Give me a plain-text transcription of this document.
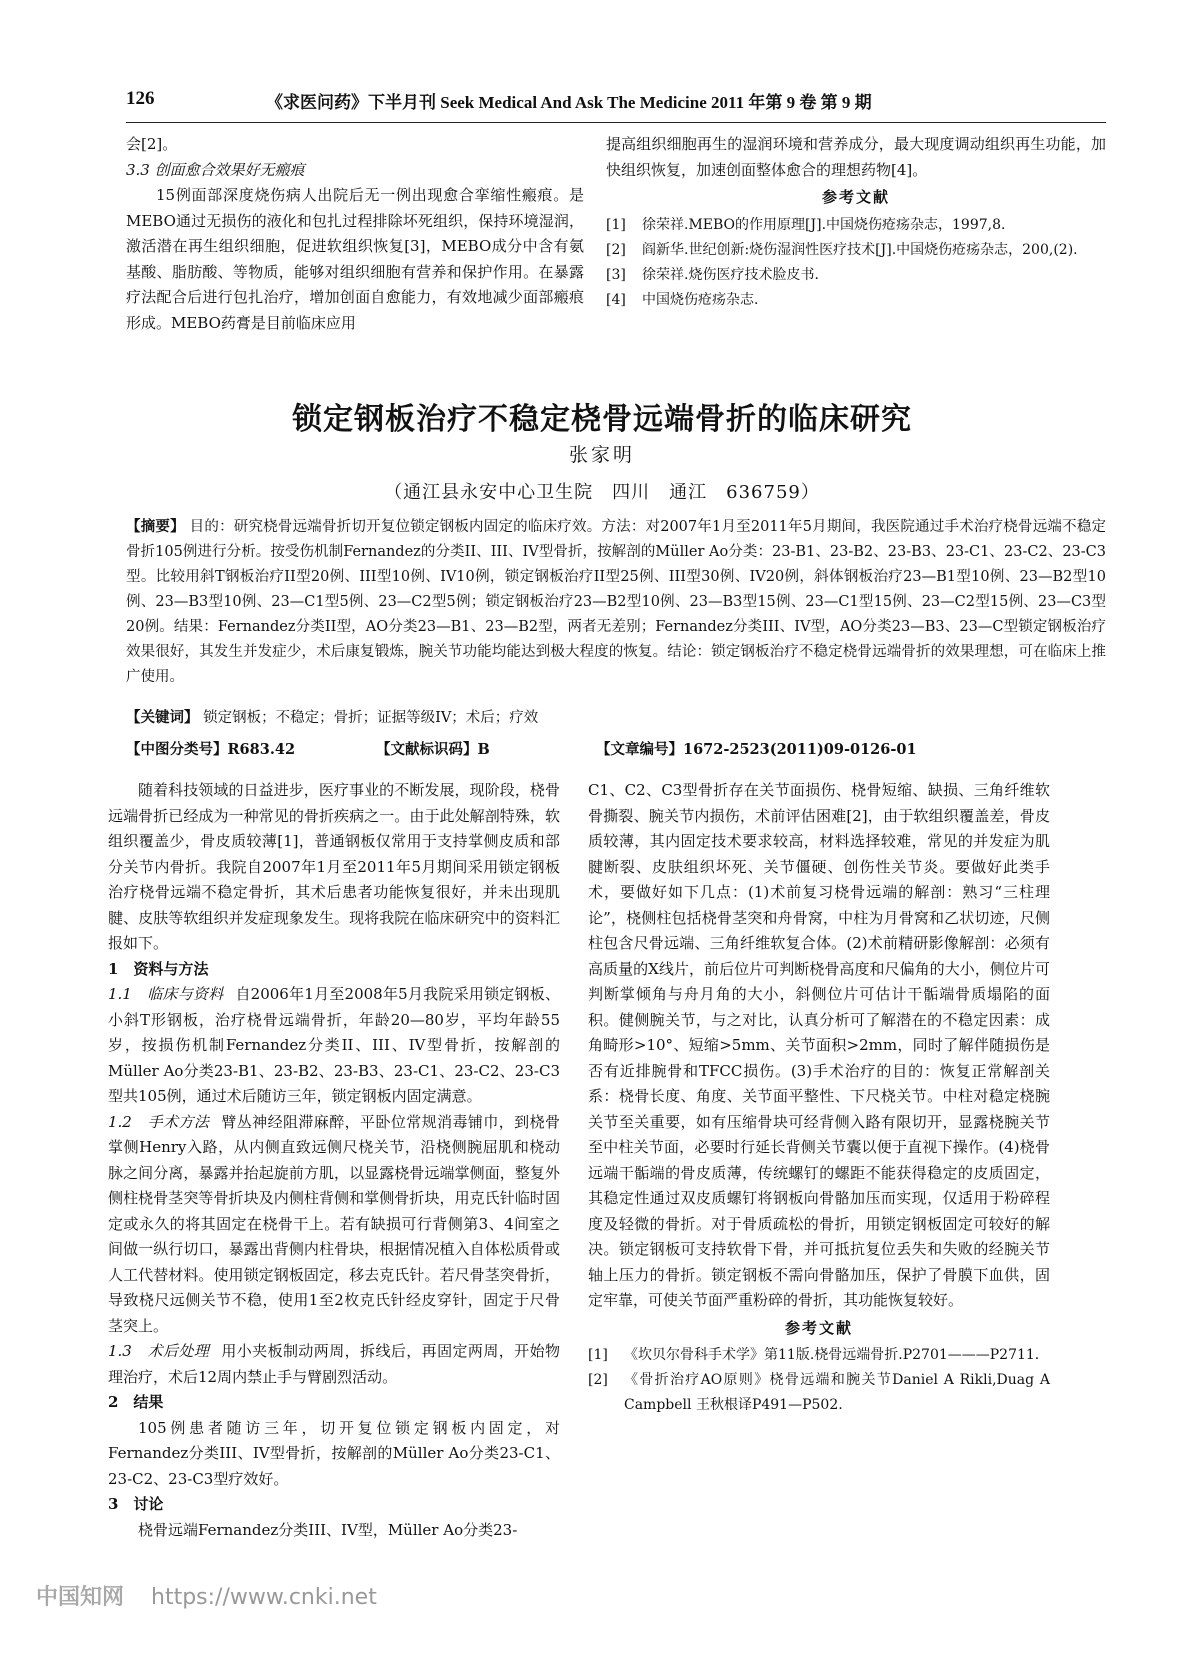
126	《求医问药》下半月刊 Seek Medical And Ask The Medicine 2011 年第 9 卷 第 9 期

会[2]。

3.3 创面愈合效果好无瘢痕

15例面部深度烧伤病人出院后无一例出现愈合挛缩性瘢痕。是MEBO通过无损伤的液化和包扎过程排除坏死组织，保持环境湿润，激活潜在再生组织细胞，促进软组织恢复[3]，MEBO成分中含有氨基酸、脂肪酸、等物质，能够对组织细胞有营养和保护作用。在暴露疗法配合后进行包扎治疗，增加创面自愈能力，有效地减少面部瘢痕形成。MEBO药膏是目前临床应用

提高组织细胞再生的湿润环境和营养成分，最大现度调动组织再生功能，加快组织恢复，加速创面整体愈合的理想药物[4]。

参考文献
[1]	徐荣祥.MEBO的作用原理[J].中国烧伤疮疡杂志，1997,8.
[2]	阎新华.世纪创新:烧伤湿润性医疗技术[J].中国烧伤疮疡杂志，200,(2).
[3]	徐荣祥.烧伤医疗技术脸皮书.
[4]	中国烧伤疮疡杂志.
锁定钢板治疗不稳定桡骨远端骨折的临床研究
张家明
（通江县永安中心卫生院　四川　通江　636759）
【摘要】 目的：研究桡骨远端骨折切开复位锁定钢板内固定的临床疗效。方法：对2007年1月至2011年5月期间，我医院通过手术治疗桡骨远端不稳定骨折105例进行分析。按受伤机制Fernandez的分类II、III、IV型骨折，按解剖的Müller Ao分类：23-B1、23-B2、23-B3、23-C1、23-C2、23-C3型。比较用斜T钢板治疗II型20例、III型10例、IV10例，锁定钢板治疗II型25例、III型30例、IV20例，斜体钢板治疗23—B1型10例、23—B2型10例、23—B3型10例、23—C1型5例、23—C2型5例；锁定钢板治疗23—B2型10例、23—B3型15例、23—C1型15例、23—C2型15例、23—C3型20例。结果：Fernandez分类II型，AO分类23—B1、23—B2型，两者无差别；Fernandez分类III、IV型，AO分类23—B3、23—C型锁定钢板治疗效果很好，其发生并发症少，术后康复锻炼，腕关节功能均能达到极大程度的恢复。结论：锁定钢板治疗不稳定桡骨远端骨折的效果理想，可在临床上推广使用。
【关键词】 锁定钢板；不稳定；骨折；证据等级IV；术后；疗效
【中图分类号】R683.42	【文献标识码】B	【文章编号】1672-2523(2011)09-0126-01

随着科技领域的日益进步，医疗事业的不断发展，现阶段，桡骨远端骨折已经成为一种常见的骨折疾病之一。由于此处解剖特殊，软组织覆盖少，骨皮质较薄[1]，普通钢板仅常用于支持掌侧皮质和部分关节内骨折。我院自2007年1月至2011年5月期间采用锁定钢板治疗桡骨远端不稳定骨折，其术后患者功能恢复很好，并未出现肌腱、皮肤等软组织并发症现象发生。现将我院在临床研究中的资料汇报如下。

1　资料与方法

1.1　临床与资料 自2006年1月至2008年5月我院采用锁定钢板、小斜T形钢板，治疗桡骨远端骨折，年龄20—80岁，平均年龄55岁，按损伤机制Fernandez分类II、III、IV型骨折，按解剖的Müller Ao分类23-B1、23-B2、23-B3、23-C1、23-C2、23-C3型共105例，通过术后随访三年，锁定钢板内固定满意。

1.2　手术方法 臂丛神经阻滞麻醉，平卧位常规消毒铺巾，到桡骨掌侧Henry入路，从内侧直致远侧尺桡关节，沿桡侧腕屈肌和桡动脉之间分离，暴露并抬起旋前方肌，以显露桡骨远端掌侧面，整复外侧柱桡骨茎突等骨折块及内侧柱背侧和掌侧骨折块，用克氏针临时固定或永久的将其固定在桡骨干上。若有缺损可行背侧第3、4间室之间做一纵行切口，暴露出背侧内柱骨块，根据情况植入自体松质骨或人工代替材料。使用锁定钢板固定，移去克氏针。若尺骨茎突骨折，导致桡尺远侧关节不稳，使用1至2枚克氏针经皮穿针，固定于尺骨茎突上。

1.3　术后处理 用小夹板制动两周，拆线后，再固定两周，开始物理治疗，术后12周内禁止手与臂剧烈活动。

2　结果

105例患者随访三年，切开复位锁定钢板内固定，对Fernandez分类III、IV型骨折，按解剖的Müller Ao分类23-C1、23-C2、23-C3型疗效好。

3　讨论

桡骨远端Fernandez分类III、IV型，Müller Ao分类23-

C1、C2、C3型骨折存在关节面损伤、桡骨短缩、缺损、三角纤维软骨撕裂、腕关节内损伤，术前评估困难[2]，由于软组织覆盖差，骨皮质较薄，其内固定技术要求较高，材料选择较难，常见的并发症为肌腱断裂、皮肤组织坏死、关节僵硬、创伤性关节炎。要做好此类手术，要做好如下几点：(1)术前复习桡骨远端的解剖：熟习“三柱理论”，桡侧柱包括桡骨茎突和舟骨窝，中柱为月骨窝和乙状切迹，尺侧柱包含尺骨远端、三角纤维软复合体。(2)术前精研影像解剖：必须有高质量的X线片，前后位片可判断桡骨高度和尺偏角的大小，侧位片可判断掌倾角与舟月角的大小，斜侧位片可估计干骺端骨质塌陷的面积。健侧腕关节，与之对比，认真分析可了解潜在的不稳定因素：成角畸形>10°、短缩>5mm、关节面积>2mm，同时了解伴随损伤是否有近排腕骨和TFCC损伤。(3)手术治疗的目的：恢复正常解剖关系：桡骨长度、角度、关节面平整性、下尺桡关节。中柱对稳定桡腕关节至关重要，如有压缩骨块可经背侧入路有限切开，显露桡腕关节至中柱关节面，必要时行延长背侧关节囊以便于直视下操作。(4)桡骨远端干骺端的骨皮质薄，传统螺钉的螺距不能获得稳定的皮质固定，其稳定性通过双皮质螺钉将钢板向骨骼加压而实现，仅适用于粉碎程度及轻微的骨折。对于骨质疏松的骨折，用锁定钢板固定可较好的解决。锁定钢板可支持软骨下骨，并可抵抗复位丢失和失败的经腕关节轴上压力的骨折。锁定钢板不需向骨骼加压，保护了骨膜下血供，固定牢靠，可使关节面严重粉碎的骨折，其功能恢复较好。

参考文献
[1]	《坎贝尔骨科手术学》第11版.桡骨远端骨折.P2701———P2711.
[2]	《骨折治疗AO原则》桡骨远端和腕关节Daniel A Rikli,Duag A Campbell 王秋根译P491—P502.
中国知网 https://www.cnki.net
